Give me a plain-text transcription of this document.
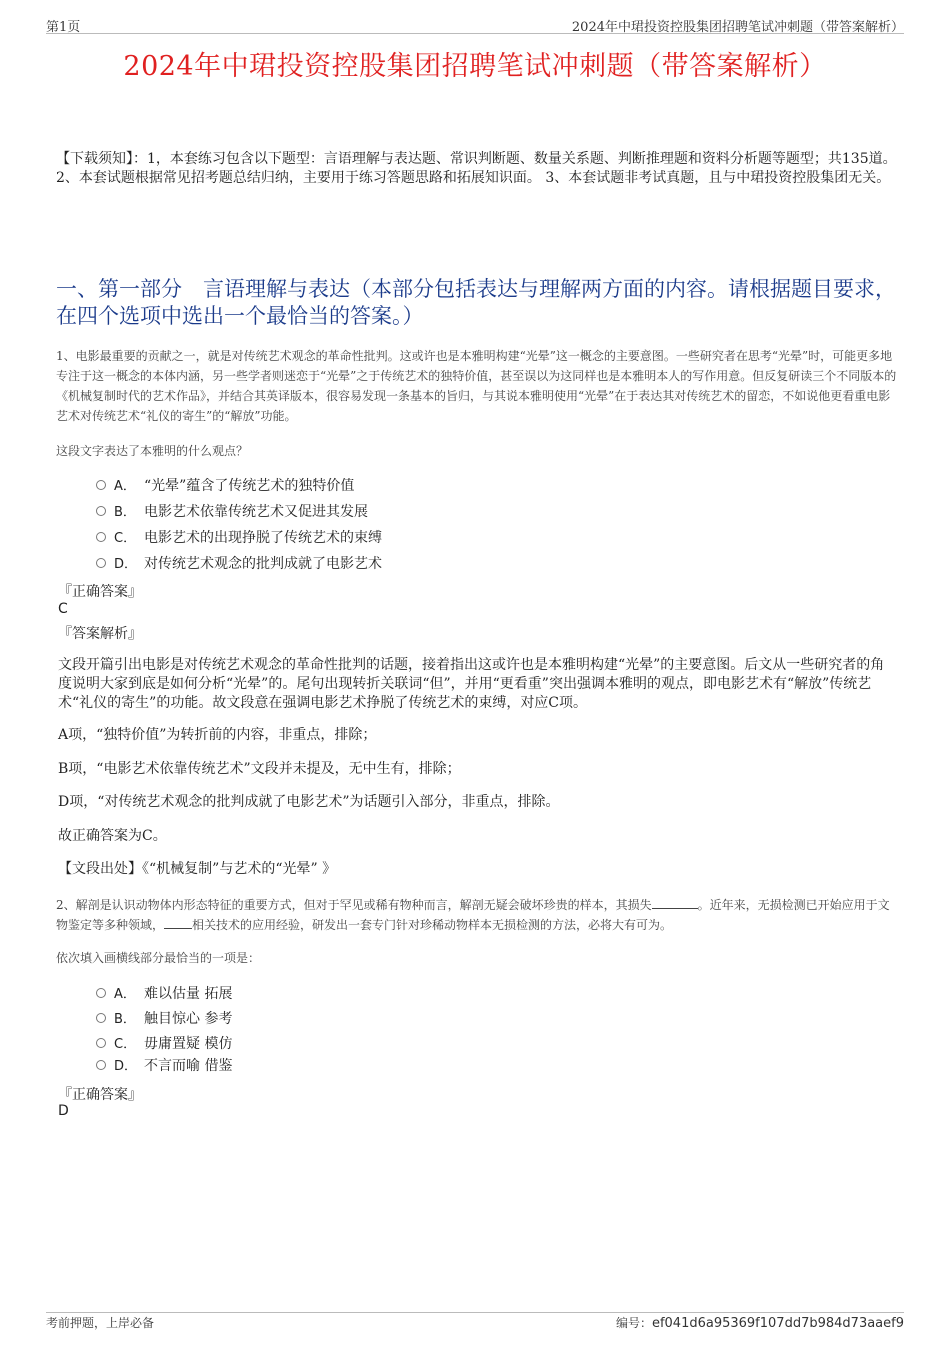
第1页	2024年中珺投资控股集团招聘笔试冲刺题（带答案解析）
2024年中珺投资控股集团招聘笔试冲刺题（带答案解析）
【下载须知】：1，本套练习包含以下题型：言语理解与表达题、常识判断题、数量关系题、判断推理题和资料分析题等题型；共135道。 2、本套试题根据常见招考题总结归纳，主要用于练习答题思路和拓展知识面。 3、本套试题非考试真题，且与中珺投资控股集团无关。
一、第一部分　言语理解与表达（本部分包括表达与理解两方面的内容。请根据题目要求，在四个选项中选出一个最恰当的答案。）
1、电影最重要的贡献之一，就是对传统艺术观念的革命性批判。这或许也是本雅明构建“光晕”这一概念的主要意图。一些研究者在思考“光晕”时，可能更多地专注于这一概念的本体内涵，另一些学者则迷恋于“光晕”之于传统艺术的独特价值，甚至误以为这同样也是本雅明本人的写作用意。但反复研读三个不同版本的《机械复制时代的艺术作品》，并结合其英译版本，很容易发现一条基本的旨归，与其说本雅明使用“光晕”在于表达其对传统艺术的留恋，不如说他更看重电影艺术对传统艺术“礼仪的寄生”的“解放”功能。
这段文字表达了本雅明的什么观点？
A． “光晕”蕴含了传统艺术的独特价值
B． 电影艺术依靠传统艺术又促进其发展
C． 电影艺术的出现挣脱了传统艺术的束缚
D． 对传统艺术观念的批判成就了电影艺术
『正确答案』
C
『答案解析』
文段开篇引出电影是对传统艺术观念的革命性批判的话题，接着指出这或许也是本雅明构建“光晕”的主要意图。后文从一些研究者的角度说明大家到底是如何分析“光晕”的。尾句出现转折关联词“但”，并用“更看重”突出强调本雅明的观点，即电影艺术有“解放”传统艺术“礼仪的寄生”的功能。故文段意在强调电影艺术挣脱了传统艺术的束缚，对应C项。
A项，“独特价值”为转折前的内容，非重点，排除；
B项，“电影艺术依靠传统艺术”文段并未提及，无中生有，排除；
D项，“对传统艺术观念的批判成就了电影艺术”为话题引入部分，非重点，排除。
故正确答案为C。
【文段出处】《“机械复制”与艺术的“光晕” 》
2、解剖是认识动物体内形态特征的重要方式，但对于罕见或稀有物种而言，解剖无疑会破坏珍贵的样本，其损失	。近年来，无损检测已开始应用于文物鉴定等多种领域， 相关技术的应用经验，研发出一套专门针对珍稀动物样本无损检测的方法，必将大有可为。
依次填入画横线部分最恰当的一项是：
A． 难以估量 拓展
B． 触目惊心 参考
C． 毋庸置疑 模仿
D． 不言而喻 借鉴
『正确答案』
D
考前押题，上岸必备	编号：ef041d6a95369f107dd7b984d73aaef9
